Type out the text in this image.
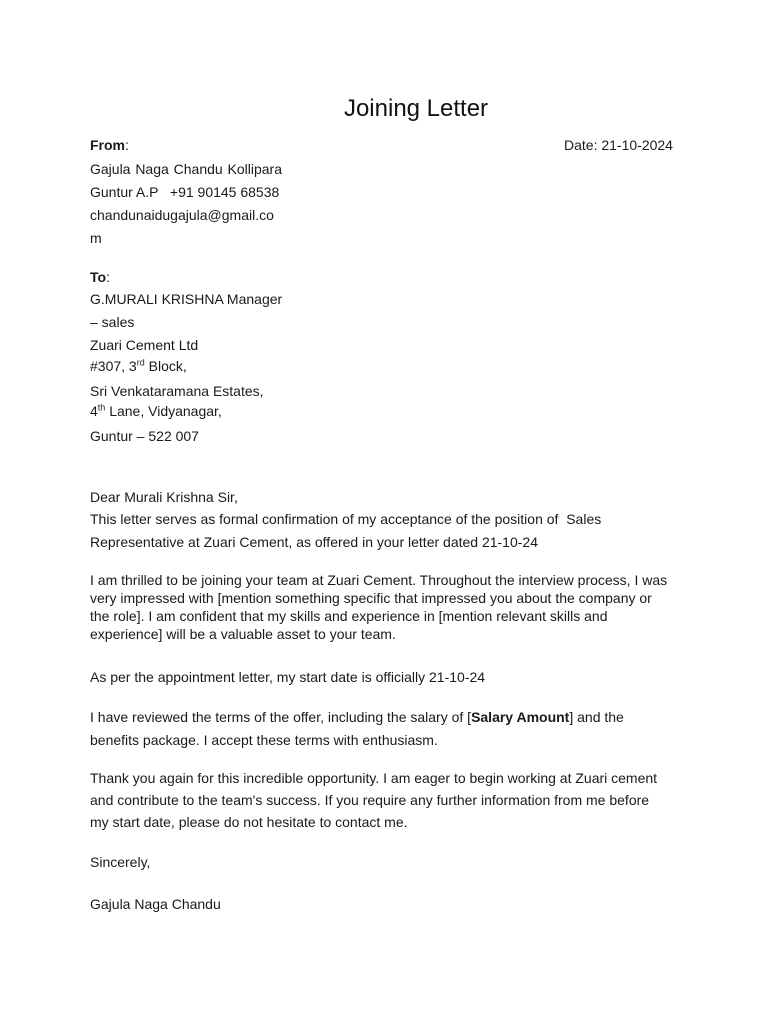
Joining Letter
From:	Date: 21-10-2024
Gajula Naga Chandu Kollipara
Guntur A.P   +91 90145 68538
chandunaidugajula@gmail.co
m
To:
G.MURALI KRISHNA Manager
– sales
Zuari Cement Ltd
#307, 3rd Block,
Sri Venkataramana Estates,
4th Lane, Vidyanagar,
Guntur – 522 007
Dear Murali Krishna Sir,
This letter serves as formal confirmation of my acceptance of the position of  Sales
Representative at Zuari Cement, as offered in your letter dated 21-10-24
I am thrilled to be joining your team at Zuari Cement. Throughout the interview process, I was very impressed with [mention something specific that impressed you about the company or the role]. I am confident that my skills and experience in [mention relevant skills and experience] will be a valuable asset to your team.
As per the appointment letter, my start date is officially 21-10-24
I have reviewed the terms of the offer, including the salary of [Salary Amount] and the benefits package. I accept these terms with enthusiasm.
Thank you again for this incredible opportunity. I am eager to begin working at Zuari cement and contribute to the team's success. If you require any further information from me before my start date, please do not hesitate to contact me.
Sincerely,
Gajula Naga Chandu
